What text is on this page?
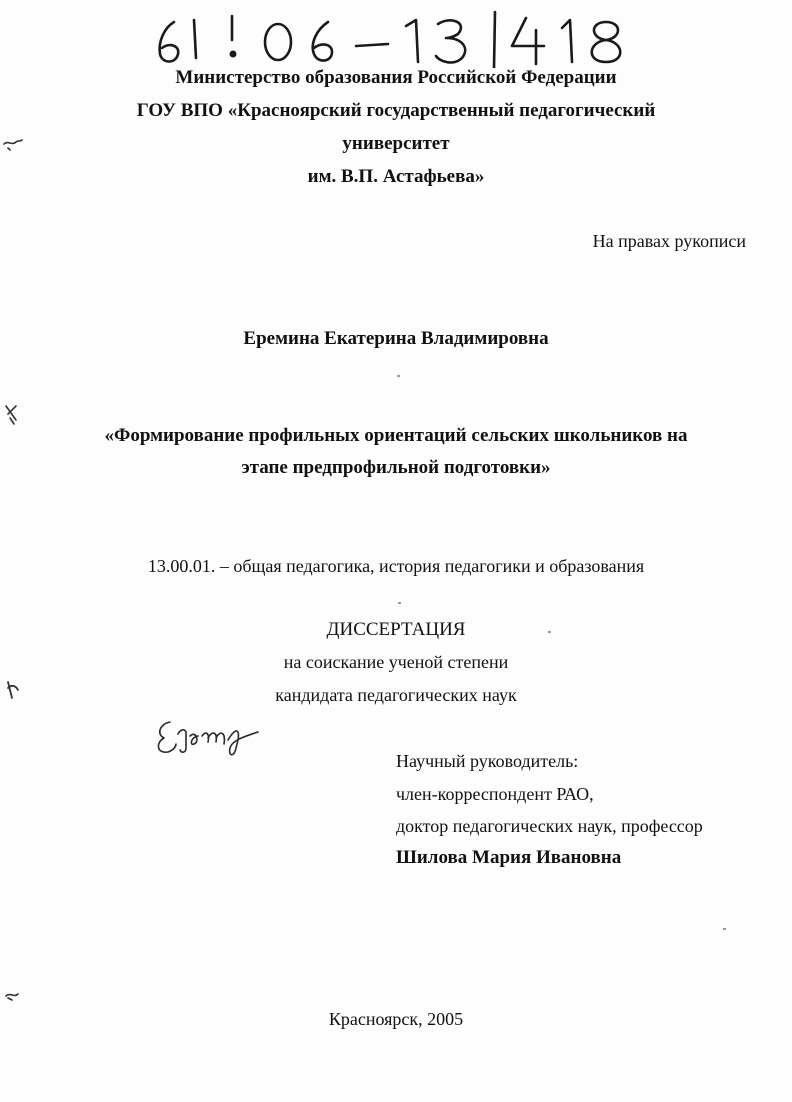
Министерство образования Российской Федерации

ГОУ ВПО «Красноярский государственный педагогический

университет

им. В.П. Астафьева»

На правах рукописи

Еремина Екатерина Владимировна

«Формирование профильных ориентаций сельских школьников на

этапе предпрофильной подготовки»

13.00.01. – общая педагогика, история педагогики и образования

ДИССЕРТАЦИЯ

на соискание ученой степени

кандидата педагогических наук

Научный руководитель:

член-корреспондент РАО,

доктор педагогических наук, профессор

Шилова Мария Ивановна

Красноярск, 2005
